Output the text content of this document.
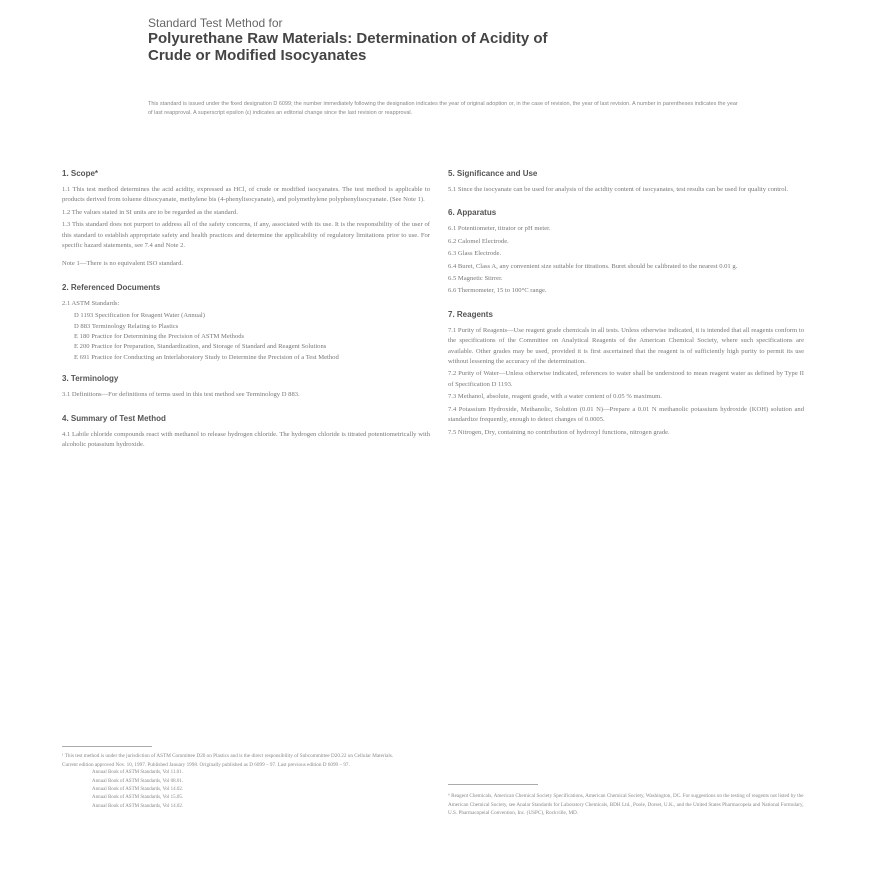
Standard Test Method for
Polyurethane Raw Materials: Determination of Acidity of
Crude or Modified Isocyanates
This standard is issued under the fixed designation D 6099; the number immediately following the designation indicates the year of original adoption or, in the case of revision, the year of last revision. A number in parentheses indicates the year of last reapproval. A superscript epsilon (ε) indicates an editorial change since the last revision or reapproval.
1. Scope*
1.1 This test method determines the acid acidity, expressed as HCl, of crude or modified isocyanates. The test method is applicable to products derived from toluene diisocyanate, methylene bis (4-phenylisocyanate), and polymethylene polyphenylisocyanate. (See Note 1).
1.2 The values stated in SI units are to be regarded as the standard.
1.3 This standard does not purport to address all of the safety concerns, if any, associated with its use. It is the responsibility of the user of this standard to establish appropriate safety and health practices and determine the applicability of regulatory limitations prior to use. For specific hazard statements, see 7.4 and Note 2.
Note 1—There is no equivalent ISO standard.
2. Referenced Documents
2.1 ASTM Standards:
D 1193 Specification for Reagent Water (Annual)
D 883 Terminology Relating to Plastics
E 180 Practice for Determining the Precision of ASTM Methods
E 200 Practice for Preparation, Standardization, and Storage of Standard and Reagent Solutions
E 691 Practice for Conducting an Interlaboratory Study to Determine the Precision of a Test Method
3. Terminology
3.1 Definitions—For definitions of terms used in this test method see Terminology D 883.
4. Summary of Test Method
4.1 Labile chloride compounds react with methanol to release hydrogen chloride. The hydrogen chloride is titrated potentiometrically with alcoholic potassium hydroxide.
5. Significance and Use
5.1 Since the isocyanate can be used for analysis of the acidity content of isocyanates, test results can be used for quality control.
6. Apparatus
6.1 Potentiometer, titrator or pH meter.
6.2 Calomel Electrode.
6.3 Glass Electrode.
6.4 Buret, Class A, any convenient size suitable for titrations. Buret should be calibrated to the nearest 0.01 g.
6.5 Magnetic Stirrer.
6.6 Thermometer, 15 to 100°C range.
7. Reagents
7.1 Purity of Reagents—Use reagent grade chemicals in all tests. Unless otherwise indicated, it is intended that all reagents conform to the specifications of the Committee on Analytical Reagents of the American Chemical Society, where such specifications are available. Other grades may be used, provided it is first ascertained that the reagent is of sufficiently high purity to permit its use without lessening the accuracy of the determination.
7.2 Purity of Water—Unless otherwise indicated, references to water shall be understood to mean reagent water as defined by Type II of Specification D 1193.
7.3 Methanol, absolute, reagent grade, with a water content of 0.05 % maximum.
7.4 Potassium Hydroxide, Methanolic, Solution (0.01 N)—Prepare a 0.01 N methanolic potassium hydroxide (KOH) solution and standardize frequently, enough to detect changes of 0.0005.
7.5 Nitrogen, Dry, containing no contribution of hydroxyl functions, nitrogen grade.
¹ This test method is under the jurisdiction of ASTM Committee D20 on Plastics and is the direct responsibility of Subcommittee D20.22 on Cellular Materials.
Current edition approved Nov. 10, 1997. Published January 1998. Originally published as D 6099 – 97. Last previous edition D 6099 – 97.
Annual Book of ASTM Standards, Vol 11.01.
Annual Book of ASTM Standards, Vol 08.01.
Annual Book of ASTM Standards, Vol 14.02.
Annual Book of ASTM Standards, Vol 15.05.
Annual Book of ASTM Standards, Vol 14.02.
⁶ Reagent Chemicals, American Chemical Society Specifications, American Chemical Society, Washington, DC. For suggestions on the testing of reagents not listed by the American Chemical Society, see Analar Standards for Laboratory Chemicals, BDH Ltd., Poole, Dorset, U.K., and the United States Pharmacopeia and National Formulary, U.S. Pharmacopeial Convention, Inc. (USPC), Rockville, MD.
